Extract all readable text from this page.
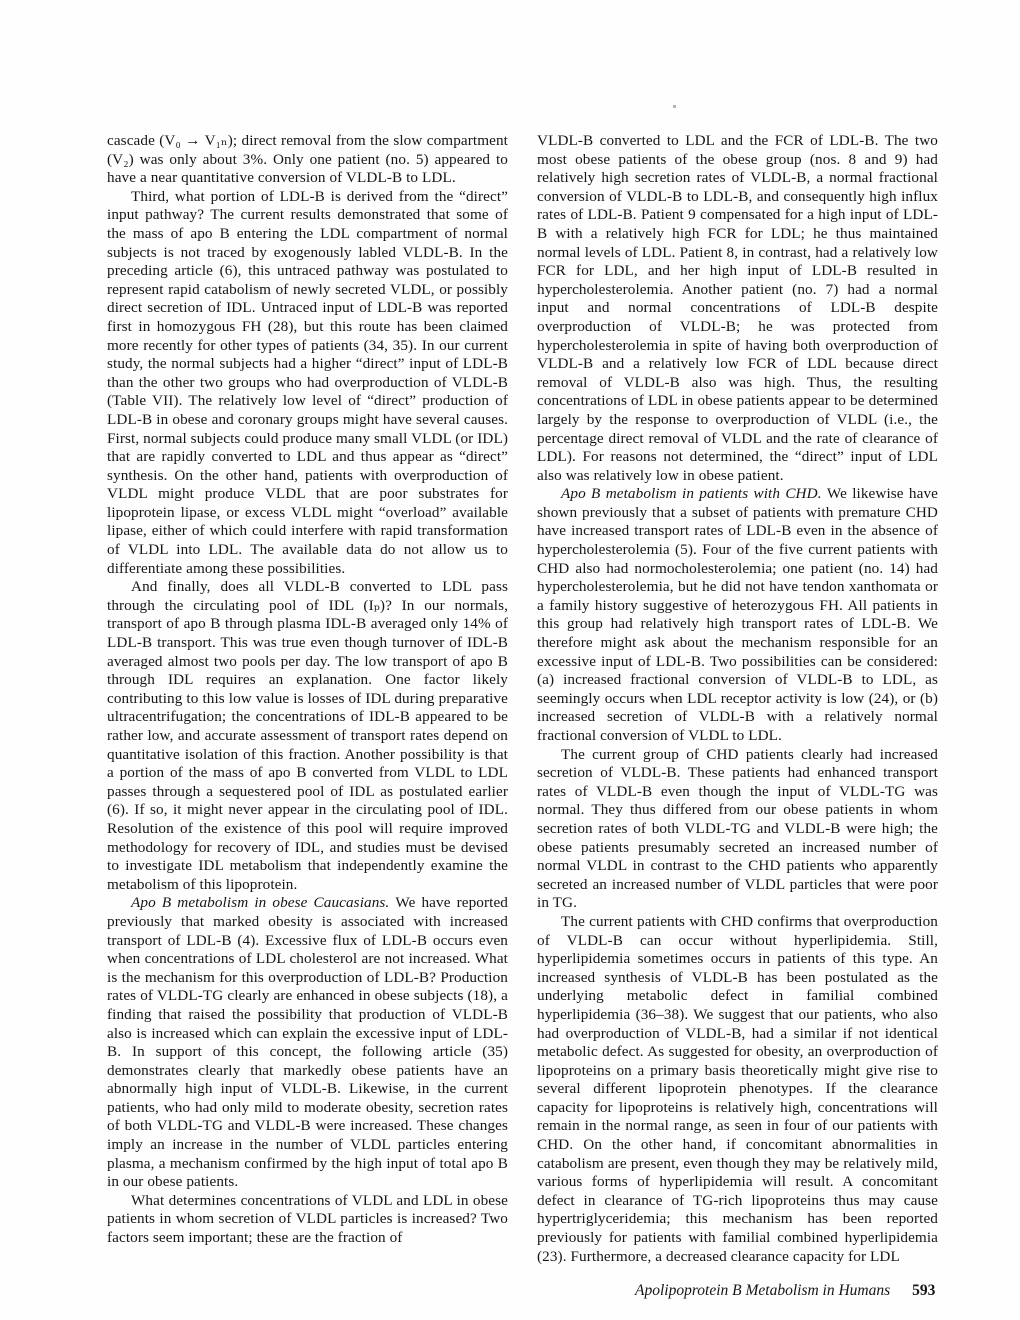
cascade (V₀ → V₁ₙ); direct removal from the slow compartment (V₂) was only about 3%. Only one patient (no. 5) appeared to have a near quantitative conversion of VLDL-B to LDL.

Third, what portion of LDL-B is derived from the “direct” input pathway? The current results demonstrated that some of the mass of apo B entering the LDL compartment of normal subjects is not traced by exogenously labled VLDL-B. In the preceding article (6), this untraced pathway was postulated to represent rapid catabolism of newly secreted VLDL, or possibly direct secretion of IDL. Untraced input of LDL-B was reported first in homozygous FH (28), but this route has been claimed more recently for other types of patients (34, 35). In our current study, the normal subjects had a higher “direct” input of LDL-B than the other two groups who had overproduction of VLDL-B (Table VII). The relatively low level of “direct” production of LDL-B in obese and coronary groups might have several causes. First, normal subjects could produce many small VLDL (or IDL) that are rapidly converted to LDL and thus appear as “direct” synthesis. On the other hand, patients with overproduction of VLDL might produce VLDL that are poor substrates for lipoprotein lipase, or excess VLDL might “overload” available lipase, either of which could interfere with rapid transformation of VLDL into LDL. The available data do not allow us to differentiate among these possibilities.

And finally, does all VLDL-B converted to LDL pass through the circulating pool of IDL (Iₚ)? In our normals, transport of apo B through plasma IDL-B averaged only 14% of LDL-B transport. This was true even though turnover of IDL-B averaged almost two pools per day. The low transport of apo B through IDL requires an explanation. One factor likely contributing to this low value is losses of IDL during preparative ultracentrifugation; the concentrations of IDL-B appeared to be rather low, and accurate assessment of transport rates depend on quantitative isolation of this fraction. Another possibility is that a portion of the mass of apo B converted from VLDL to LDL passes through a sequestered pool of IDL as postulated earlier (6). If so, it might never appear in the circulating pool of IDL. Resolution of the existence of this pool will require improved methodology for recovery of IDL, and studies must be devised to investigate IDL metabolism that independently examine the metabolism of this lipoprotein.

Apo B metabolism in obese Caucasians. We have reported previously that marked obesity is associated with increased transport of LDL-B (4). Excessive flux of LDL-B occurs even when concentrations of LDL cholesterol are not increased. What is the mechanism for this overproduction of LDL-B? Production rates of VLDL-TG clearly are enhanced in obese subjects (18), a finding that raised the possibility that production of VLDL-B also is increased which can explain the excessive input of LDL-B. In support of this concept, the following article (35) demonstrates clearly that markedly obese patients have an abnormally high input of VLDL-B. Likewise, in the current patients, who had only mild to moderate obesity, secretion rates of both VLDL-TG and VLDL-B were increased. These changes imply an increase in the number of VLDL particles entering plasma, a mechanism confirmed by the high input of total apo B in our obese patients.

What determines concentrations of VLDL and LDL in obese patients in whom secretion of VLDL particles is increased? Two factors seem important; these are the fraction of

VLDL-B converted to LDL and the FCR of LDL-B. The two most obese patients of the obese group (nos. 8 and 9) had relatively high secretion rates of VLDL-B, a normal fractional conversion of VLDL-B to LDL-B, and consequently high influx rates of LDL-B. Patient 9 compensated for a high input of LDL-B with a relatively high FCR for LDL; he thus maintained normal levels of LDL. Patient 8, in contrast, had a relatively low FCR for LDL, and her high input of LDL-B resulted in hypercholesterolemia. Another patient (no. 7) had a normal input and normal concentrations of LDL-B despite overproduction of VLDL-B; he was protected from hypercholesterolemia in spite of having both overproduction of VLDL-B and a relatively low FCR of LDL because direct removal of VLDL-B also was high. Thus, the resulting concentrations of LDL in obese patients appear to be determined largely by the response to overproduction of VLDL (i.e., the percentage direct removal of VLDL and the rate of clearance of LDL). For reasons not determined, the “direct” input of LDL also was relatively low in obese patient.

Apo B metabolism in patients with CHD. We likewise have shown previously that a subset of patients with premature CHD have increased transport rates of LDL-B even in the absence of hypercholesterolemia (5). Four of the five current patients with CHD also had normocholesterolemia; one patient (no. 14) had hypercholesterolemia, but he did not have tendon xanthomata or a family history suggestive of heterozygous FH. All patients in this group had relatively high transport rates of LDL-B. We therefore might ask about the mechanism responsible for an excessive input of LDL-B. Two possibilities can be considered: (a) increased fractional conversion of VLDL-B to LDL, as seemingly occurs when LDL receptor activity is low (24), or (b) increased secretion of VLDL-B with a relatively normal fractional conversion of VLDL to LDL.

The current group of CHD patients clearly had increased secretion of VLDL-B. These patients had enhanced transport rates of VLDL-B even though the input of VLDL-TG was normal. They thus differed from our obese patients in whom secretion rates of both VLDL-TG and VLDL-B were high; the obese patients presumably secreted an increased number of normal VLDL in contrast to the CHD patients who apparently secreted an increased number of VLDL particles that were poor in TG.

The current patients with CHD confirms that overproduction of VLDL-B can occur without hyperlipidemia. Still, hyperlipidemia sometimes occurs in patients of this type. An increased synthesis of VLDL-B has been postulated as the underlying metabolic defect in familial combined hyperlipidemia (36–38). We suggest that our patients, who also had overproduction of VLDL-B, had a similar if not identical metabolic defect. As suggested for obesity, an overproduction of lipoproteins on a primary basis theoretically might give rise to several different lipoprotein phenotypes. If the clearance capacity for lipoproteins is relatively high, concentrations will remain in the normal range, as seen in four of our patients with CHD. On the other hand, if concomitant abnormalities in catabolism are present, even though they may be relatively mild, various forms of hyperlipidemia will result. A concomitant defect in clearance of TG-rich lipoproteins thus may cause hypertriglyceridemia; this mechanism has been reported previously for patients with familial combined hyperlipidemia (23). Furthermore, a decreased clearance capacity for LDL

Apolipoprotein B Metabolism in Humans 593
